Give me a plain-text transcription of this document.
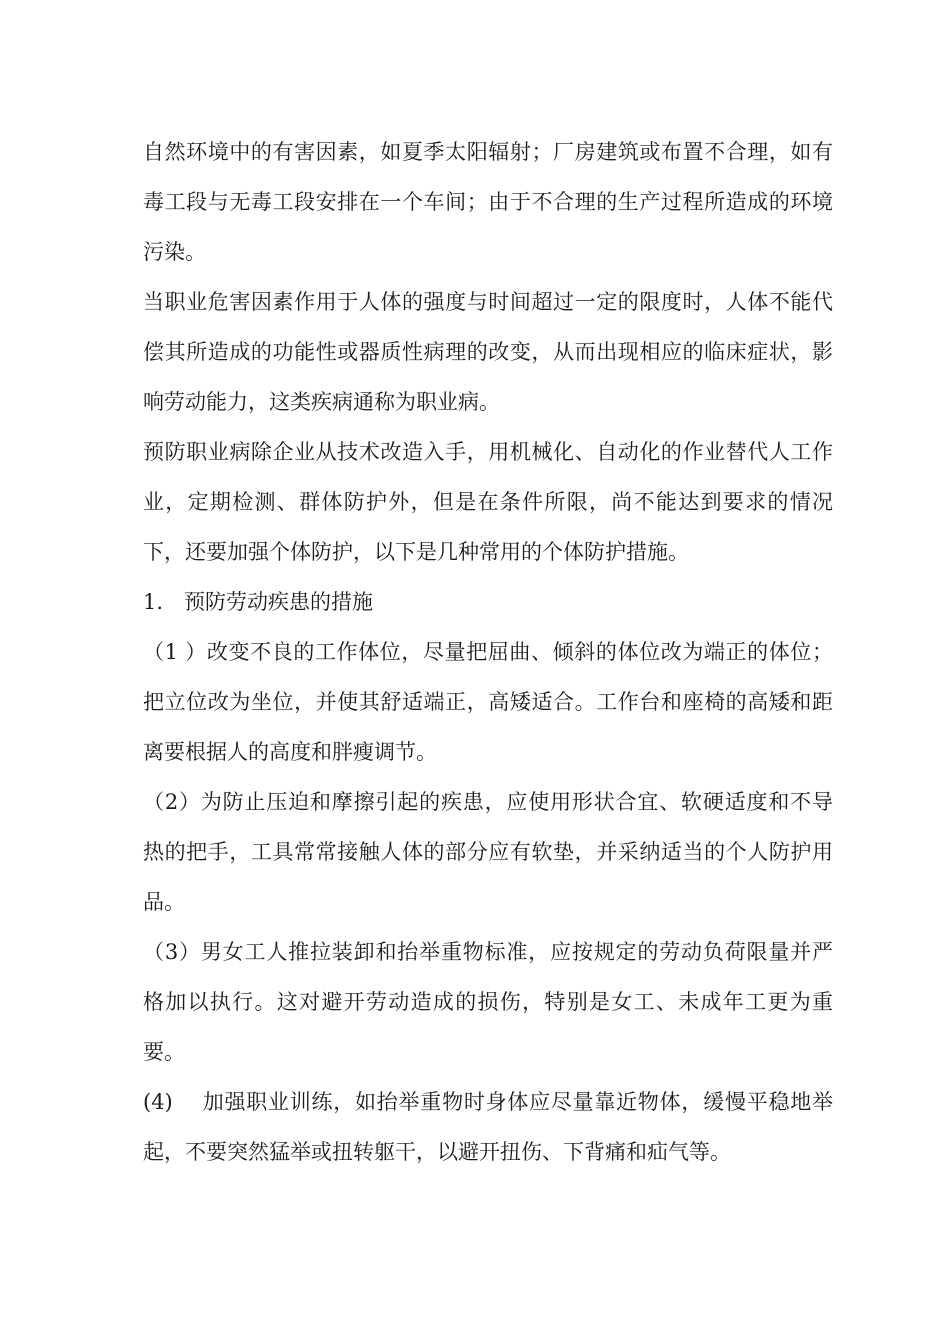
自然环境中的有害因素，如夏季太阳辐射；厂房建筑或布置不合理，如有
毒工段与无毒工段安排在一个车间；由于不合理的生产过程所造成的环境
污染。
当职业危害因素作用于人体的强度与时间超过一定的限度时，人体不能代
偿其所造成的功能性或器质性病理的改变，从而出现相应的临床症状，影
响劳动能力，这类疾病通称为职业病。
预防职业病除企业从技术改造入手，用机械化、自动化的作业替代人工作
业，定期检测、群体防护外，但是在条件所限，尚不能达到要求的情况
下，还要加强个体防护，以下是几种常用的个体防护措施。
1.　预防劳动疾患的措施
（1 ）改变不良的工作体位，尽量把屈曲、倾斜的体位改为端正的体位；
把立位改为坐位，并使其舒适端正，高矮适合。工作台和座椅的高矮和距
离要根据人的高度和胖瘦调节。
（2）为防止压迫和摩擦引起的疾患，应使用形状合宜、软硬适度和不导
热的把手，工具常常接触人体的部分应有软垫，并采纳适当的个人防护用
品。
（3）男女工人推拉装卸和抬举重物标准，应按规定的劳动负荷限量并严
格加以执行。这对避开劳动造成的损伤，特别是女工、未成年工更为重
要。
(4)　 加强职业训练，如抬举重物时身体应尽量靠近物体，缓慢平稳地举
起，不要突然猛举或扭转躯干，以避开扭伤、下背痛和疝气等。
